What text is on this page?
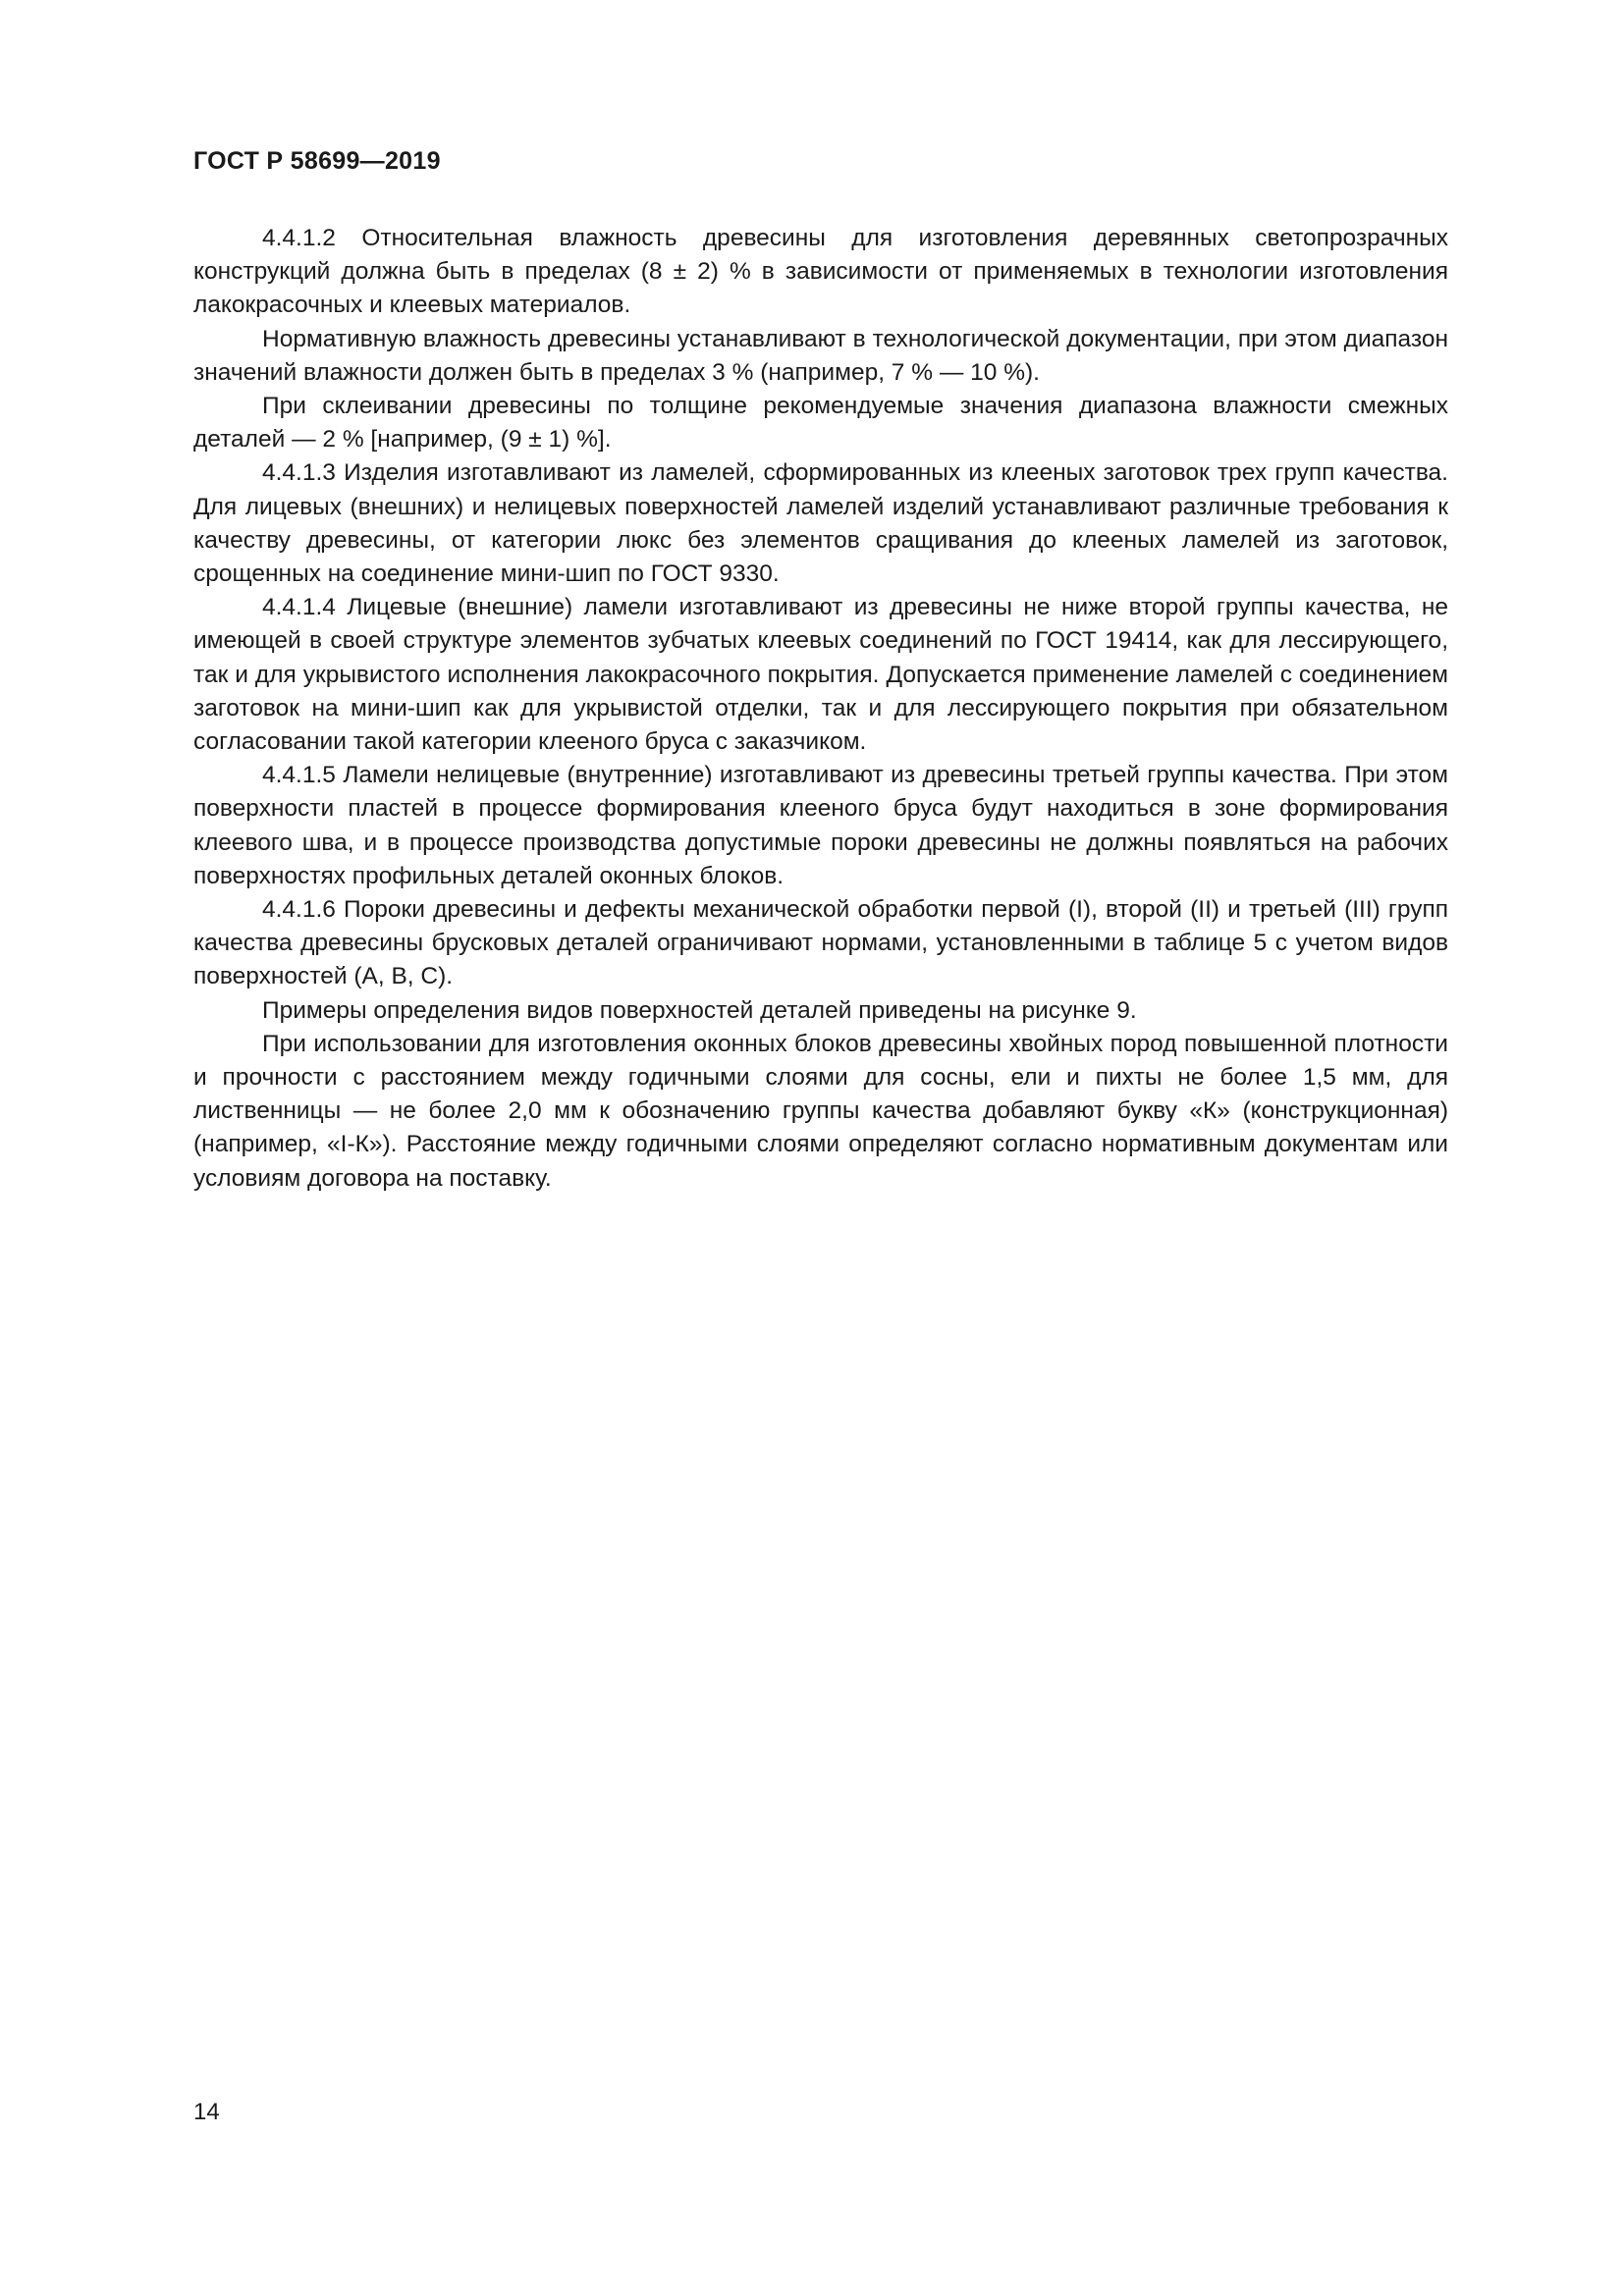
ГОСТ Р 58699—2019

4.4.1.2 Относительная влажность древесины для изготовления деревянных светопрозрачных конструкций должна быть в пределах (8 ± 2) % в зависимости от применяемых в технологии изготовления лакокрасочных и клеевых материалов.

Нормативную влажность древесины устанавливают в технологической документации, при этом диапазон значений влажности должен быть в пределах 3 % (например, 7 % — 10 %).

При склеивании древесины по толщине рекомендуемые значения диапазона влажности смежных деталей — 2 % [например, (9 ± 1) %].

4.4.1.3 Изделия изготавливают из ламелей, сформированных из клееных заготовок трех групп качества. Для лицевых (внешних) и нелицевых поверхностей ламелей изделий устанавливают различные требования к качеству древесины, от категории люкс без элементов сращивания до клееных ламелей из заготовок, срощенных на соединение мини-шип по ГОСТ 9330.

4.4.1.4 Лицевые (внешние) ламели изготавливают из древесины не ниже второй группы качества, не имеющей в своей структуре элементов зубчатых клеевых соединений по ГОСТ 19414, как для лессирующего, так и для укрывистого исполнения лакокрасочного покрытия. Допускается применение ламелей с соединением заготовок на мини-шип как для укрывистой отделки, так и для лессирующего покрытия при обязательном согласовании такой категории клееного бруса с заказчиком.

4.4.1.5 Ламели нелицевые (внутренние) изготавливают из древесины третьей группы качества. При этом поверхности пластей в процессе формирования клееного бруса будут находиться в зоне формирования клеевого шва, и в процессе производства допустимые пороки древесины не должны появляться на рабочих поверхностях профильных деталей оконных блоков.

4.4.1.6 Пороки древесины и дефекты механической обработки первой (I), второй (II) и третьей (III) групп качества древесины брусковых деталей ограничивают нормами, установленными в таблице 5 с учетом видов поверхностей (А, В, С).

Примеры определения видов поверхностей деталей приведены на рисунке 9.

При использовании для изготовления оконных блоков древесины хвойных пород повышенной плотности и прочности с расстоянием между годичными слоями для сосны, ели и пихты не более 1,5 мм, для лиственницы — не более 2,0 мм к обозначению группы качества добавляют букву «К» (конструкционная) (например, «I-К»). Расстояние между годичными слоями определяют согласно нормативным документам или условиям договора на поставку.

14
